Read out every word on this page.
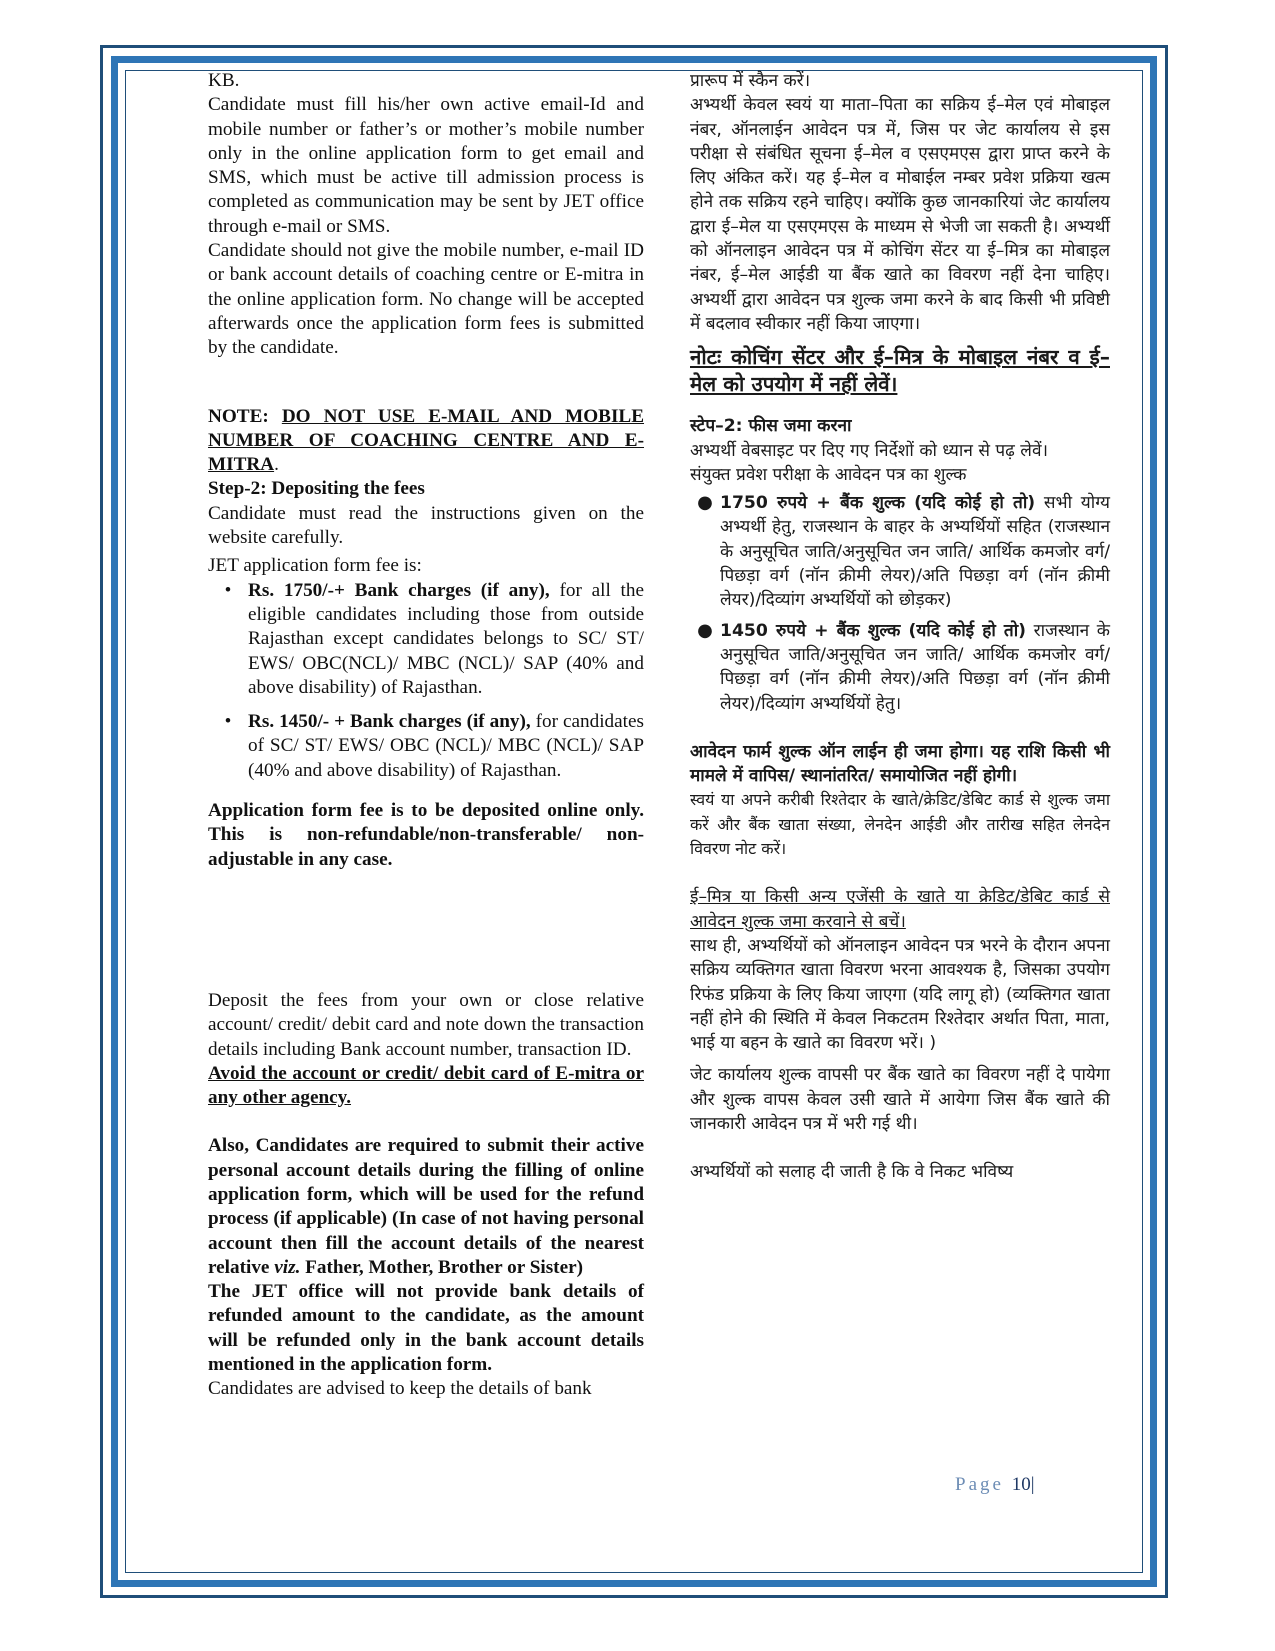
KB.

Candidate must fill his/her own active email-Id and mobile number or father’s or mother’s mobile number only in the online application form to get email and SMS, which must be active till admission process is completed as communication may be sent by JET office through e-mail or SMS.

Candidate should not give the mobile number, e-mail ID or bank account details of coaching centre or E-mitra in the online application form. No change will be accepted afterwards once the application form fees is submitted by the candidate.

NOTE: DO NOT USE E-MAIL AND MOBILE NUMBER OF COACHING CENTRE AND E-MITRA.

Step-2: Depositing the fees

Candidate must read the instructions given on the website carefully.

JET application form fee is:

• Rs. 1750/-+ Bank charges (if any), for all the eligible candidates including those from outside Rajasthan except candidates belongs to SC/ ST/ EWS/ OBC(NCL)/ MBC (NCL)/ SAP (40% and above disability) of Rajasthan.

• Rs. 1450/- + Bank charges (if any), for candidates of SC/ ST/ EWS/ OBC (NCL)/ MBC (NCL)/ SAP (40% and above disability) of Rajasthan.

Application form fee is to be deposited online only. This is non-refundable/non-transferable/ non-adjustable in any case.

Deposit the fees from your own or close relative account/ credit/ debit card and note down the transaction details including Bank account number, transaction ID.

Avoid the account or credit/ debit card of E-mitra or any other agency.

Also, Candidates are required to submit their active personal account details during the filling of online application form, which will be used for the refund process (if applicable) (In case of not having personal account then fill the account details of the nearest relative viz. Father, Mother, Brother or Sister)

The JET office will not provide bank details of refunded amount to the candidate, as the amount will be refunded only in the bank account details mentioned in the application form.

Candidates are advised to keep the details of bank

प्रारूप में स्कैन करें।

अभ्यर्थी केवल स्वयं या माता–पिता का सक्रिय ई–मेल एवं मोबाइल नंबर, ऑनलाईन आवेदन पत्र में, जिस पर जेट कार्यालय से इस परीक्षा से संबंधित सूचना ई–मेल व एसएमएस द्वारा प्राप्त करने के लिए अंकित करें। यह ई–मेल व मोबाईल नम्बर प्रवेश प्रक्रिया खत्म होने तक सक्रिय रहने चाहिए। क्योंकि कुछ जानकारियां जेट कार्यालय द्वारा ई–मेल या एसएमएस के माध्यम से भेजी जा सकती है। अभ्यर्थी को ऑनलाइन आवेदन पत्र में कोचिंग सेंटर या ई–मित्र का मोबाइल नंबर, ई–मेल आईडी या बैंक खाते का विवरण नहीं देना चाहिए। अभ्यर्थी द्वारा आवेदन पत्र शुल्क जमा करने के बाद किसी भी प्रविष्टी में बदलाव स्वीकार नहीं किया जाएगा।

नोटः कोचिंग सेंटर और ई–मित्र के मोबाइल नंबर व ई–मेल को उपयोग में नहीं लेवें।

स्टेप–2: फीस जमा करना

अभ्यर्थी वेबसाइट पर दिए गए निर्देशों को ध्यान से पढ़ लेवें।

संयुक्त प्रवेश परीक्षा के आवेदन पत्र का शुल्क

● 1750 रुपये + बैंक शुल्क (यदि कोई हो तो) सभी योग्य अभ्यर्थी हेतु, राजस्थान के बाहर के अभ्यर्थियों सहित (राजस्थान के अनुसूचित जाति/अनुसूचित जन जाति/ आर्थिक कमजोर वर्ग/पिछड़ा वर्ग (नॉन क्रीमी लेयर)/अति पिछड़ा वर्ग (नॉन क्रीमी लेयर)/दिव्यांग अभ्यर्थियों को छोड़कर)

● 1450 रुपये + बैंक शुल्क (यदि कोई हो तो) राजस्थान के अनुसूचित जाति/अनुसूचित जन जाति/ आर्थिक कमजोर वर्ग/पिछड़ा वर्ग (नॉन क्रीमी लेयर)/अति पिछड़ा वर्ग (नॉन क्रीमी लेयर)/दिव्यांग अभ्यर्थियों हेतु।

आवेदन फार्म शुल्क ऑन लाईन ही जमा होगा। यह राशि किसी भी मामले में वापिस/ स्थानांतरित/ समायोजित नहीं होगी।

स्वयं या अपने करीबी रिश्तेदार के खाते/क्रेडिट/डेबिट कार्ड से शुल्क जमा करें और बैंक खाता संख्या, लेनदेन आईडी और तारीख सहित लेनदेन विवरण नोट करें।

ई–मित्र या किसी अन्य एजेंसी के खाते या क्रेडिट/डेबिट कार्ड से आवेदन शुल्क जमा करवाने से बचें।

साथ ही, अभ्यर्थियों को ऑनलाइन आवेदन पत्र भरने के दौरान अपना सक्रिय व्यक्तिगत खाता विवरण भरना आवश्यक है, जिसका उपयोग रिफंड प्रक्रिया के लिए किया जाएगा (यदि लागू हो) (व्यक्तिगत खाता नहीं होने की स्थिति में केवल निकटतम रिश्तेदार अर्थात पिता, माता, भाई या बहन के खाते का विवरण भरें। )

जेट कार्यालय शुल्क वापसी पर बैंक खाते का विवरण नहीं दे पायेगा और शुल्क वापस केवल उसी खाते में आयेगा जिस बैंक खाते की जानकारी आवेदन पत्र में भरी गई थी।

अभ्यर्थियों को सलाह दी जाती है कि वे निकट भविष्य

Page 10|
